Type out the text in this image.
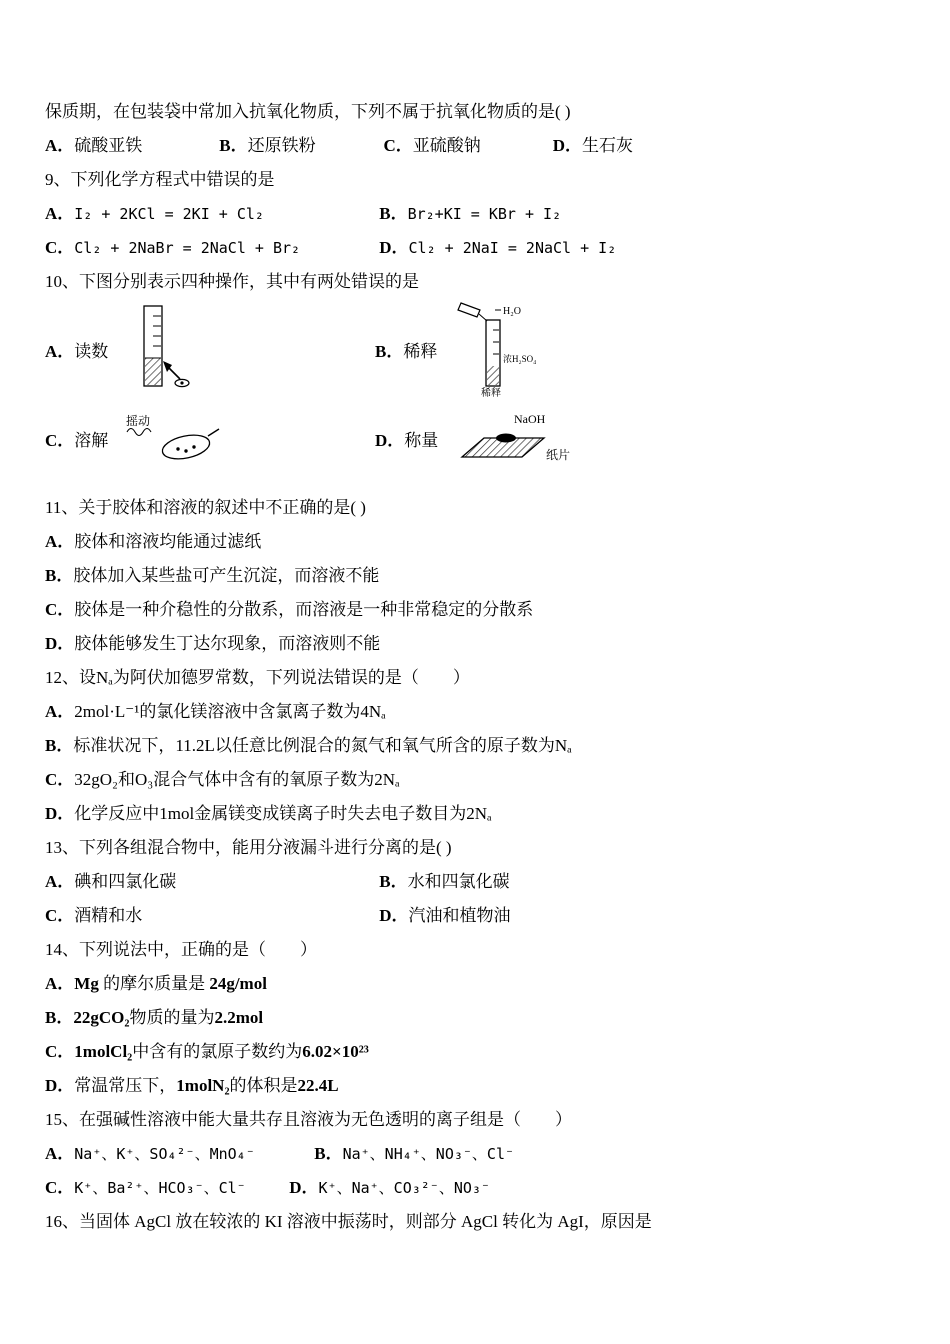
保质期，在包装袋中常加入抗氧化物质，下列不属于抗氧化物质的是( )
A．硫酸亚铁	B．还原铁粉	C．亚硫酸钠	D．生石灰
9、下列化学方程式中错误的是
A．I₂ + 2KCl = 2KI + Cl₂	B．Br₂+KI = KBr + I₂
C．Cl₂ + 2NaBr = 2NaCl + Br₂	D．Cl₂ + 2NaI = 2NaCl + I₂
10、下图分别表示四种操作，其中有两处错误的是
A．读数	B．稀释
H₂O
浓H₂SO₄
稀释
C．溶解
摇动
D．称量
NaOH
纸片
11、关于胶体和溶液的叙述中不正确的是( )
A．胶体和溶液均能通过滤纸
B．胶体加入某些盐可产生沉淀，而溶液不能
C．胶体是一种介稳性的分散系，而溶液是一种非常稳定的分散系
D．胶体能够发生丁达尔现象，而溶液则不能
12、设Nₐ为阿伏加德罗常数，下列说法错误的是（　　）
A．2mol·L⁻¹的氯化镁溶液中含氯离子数为4Nₐ
B．标准状况下，11.2L以任意比例混合的氮气和氧气所含的原子数为Nₐ
C．32gO₂和O₃混合气体中含有的氧原子数为2Nₐ
D．化学反应中1mol金属镁变成镁离子时失去电子数目为2Nₐ
13、下列各组混合物中，能用分液漏斗进行分离的是( )
A．碘和四氯化碳	B．水和四氯化碳
C．酒精和水	D．汽油和植物油
14、下列说法中，正确的是（　　）
A．Mg 的摩尔质量是 24g/mol
B．22gCO₂物质的量为2.2mol
C．1molCl₂中含有的氯原子数约为6.02×10²³
D．常温常压下，1molN₂的体积是22.4L
15、在强碱性溶液中能大量共存且溶液为无色透明的离子组是（　　）
A．Na⁺、K⁺、SO₄²⁻、MnO₄⁻	B．Na⁺、NH₄⁺、NO₃⁻、Cl⁻
C．K⁺、Ba²⁺、HCO₃⁻、Cl⁻	D．K⁺、Na⁺、CO₃²⁻、NO₃⁻
16、当固体 AgCl 放在较浓的 KI 溶液中振荡时，则部分 AgCl 转化为 AgI，原因是
